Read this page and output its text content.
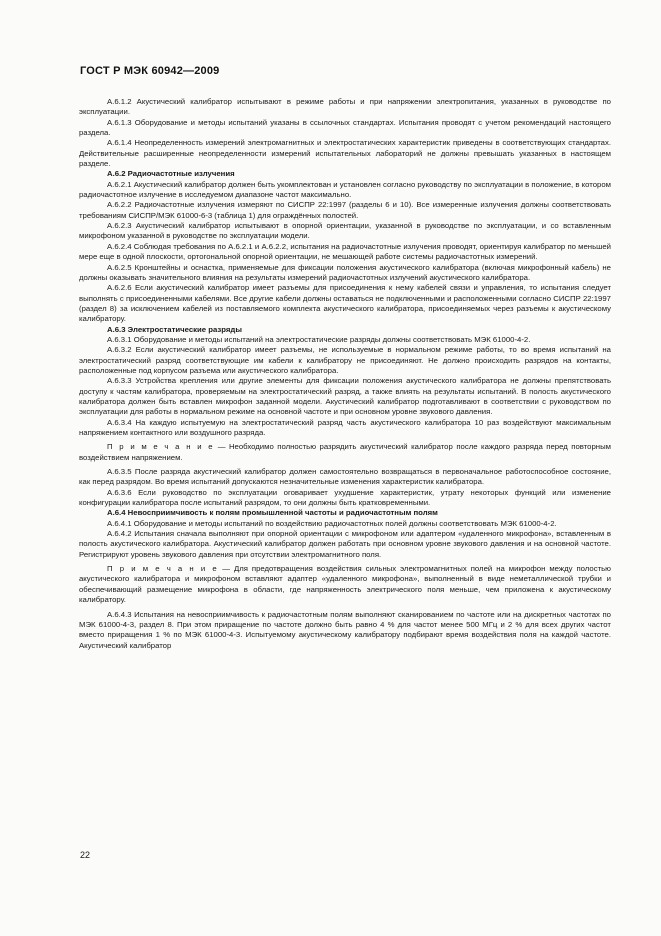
ГОСТ Р МЭК 60942—2009

А.6.1.2 Акустический калибратор испытывают в режиме работы и при напряжении электропитания, указанных в руководстве по эксплуатации.

А.6.1.3 Оборудование и методы испытаний указаны в ссылочных стандартах. Испытания проводят с учетом рекомендаций настоящего раздела.

А.6.1.4 Неопределенность измерений электромагнитных и электростатических характеристик приведены в соответствующих стандартах. Действительные расширенные неопределенности измерений испытательных лабораторий не должны превышать указанных в настоящем разделе.

А.6.2 Радиочастотные излучения

А.6.2.1 Акустический калибратор должен быть укомплектован и установлен согласно руководству по эксплуатации в положение, в котором радиочастотное излучение в исследуемом диапазоне частот максимально.

А.6.2.2 Радиочастотные излучения измеряют по СИСПР 22:1997 (разделы 6 и 10). Все измеренные излучения должны соответствовать требованиям СИСПР/МЭК 61000-6-3 (таблица 1) для ограждённых полостей.

А.6.2.3 Акустический калибратор испытывают в опорной ориентации, указанной в руководстве по эксплуатации, и со вставленным микрофоном указанной в руководстве по эксплуатации модели.

А.6.2.4 Соблюдая требования по А.6.2.1 и А.6.2.2, испытания на радиочастотные излучения проводят, ориентируя калибратор по меньшей мере еще в одной плоскости, ортогональной опорной ориентации, не мешающей работе системы радиочастотных измерений.

А.6.2.5 Кронштейны и оснастка, применяемые для фиксации положения акустического калибратора (включая микрофонный кабель) не должны оказывать значительного влияния на результаты измерений радиочастотных излучений акустического калибратора.

А.6.2.6 Если акустический калибратор имеет разъемы для присоединения к нему кабелей связи и управления, то испытания следует выполнять с присоединенными кабелями. Все другие кабели должны оставаться не подключенными и расположенными согласно СИСПР 22:1997 (раздел 8) за исключением кабелей из поставляемого комплекта акустического калибратора, присоединяемых через разъемы к акустическому калибратору.

А.6.3 Электростатические разряды

А.6.3.1 Оборудование и методы испытаний на электростатические разряды должны соответствовать МЭК 61000-4-2.

А.6.3.2 Если акустический калибратор имеет разъемы, не используемые в нормальном режиме работы, то во время испытаний на электростатический разряд соответствующие им кабели к калибратору не присоединяют. Не должно происходить разрядов на контакты, расположенные под корпусом разъема или акустического калибратора.

А.6.3.3 Устройства крепления или другие элементы для фиксации положения акустического калибратора не должны препятствовать доступу к частям калибратора, проверяемым на электростатический разряд, а также влиять на результаты испытаний. В полость акустического калибратора должен быть вставлен микрофон заданной модели. Акустический калибратор подготавливают в соответствии с руководством по эксплуатации для работы в нормальном режиме на основной частоте и при основном уровне звукового давления.

А.6.3.4 На каждую испытуемую на электростатический разряд часть акустического калибратора 10 раз воздействуют максимальным напряжением контактного или воздушного разряда.

П р и м е ч а н и е — Необходимо полностью разрядить акустический калибратор после каждого разряда перед повторным воздействием напряжением.

А.6.3.5 После разряда акустический калибратор должен самостоятельно возвращаться в первоначальное работоспособное состояние, как перед разрядом. Во время испытаний допускаются незначительные изменения характеристик калибратора.

А.6.3.6 Если руководство по эксплуатации оговаривает ухудшение характеристик, утрату некоторых функций или изменение конфигурации калибратора после испытаний разрядом, то они должны быть кратковременными.

А.6.4 Невосприимчивость к полям промышленной частоты и радиочастотным полям

А.6.4.1 Оборудование и методы испытаний по воздействию радиочастотных полей должны соответствовать МЭК 61000-4-2.

А.6.4.2 Испытания сначала выполняют при опорной ориентации с микрофоном или адаптером «удаленного микрофона», вставленным в полость акустического калибратора. Акустический калибратор должен работать при основном уровне звукового давления и на основной частоте. Регистрируют уровень звукового давления при отсутствии электромагнитного поля.

П р и м е ч а н и е — Для предотвращения воздействия сильных электромагнитных полей на микрофон между полостью акустического калибратора и микрофоном вставляют адаптер «удаленного микрофона», выполненный в виде неметаллической трубки и обеспечивающий размещение микрофона в области, где напряженность электрического поля меньше, чем приложена к акустическому калибратору.

А.6.4.3 Испытания на невосприимчивость к радиочастотным полям выполняют сканированием по частоте или на дискретных частотах по МЭК 61000-4-3, раздел 8. При этом приращение по частоте должно быть равно 4 % для частот менее 500 МГц и 2 % для всех других частот вместо приращения 1 % по МЭК 61000-4-3. Испытуемому акустическому калибратору подбирают время воздействия поля на каждой частоте. Акустический калибратор

22
